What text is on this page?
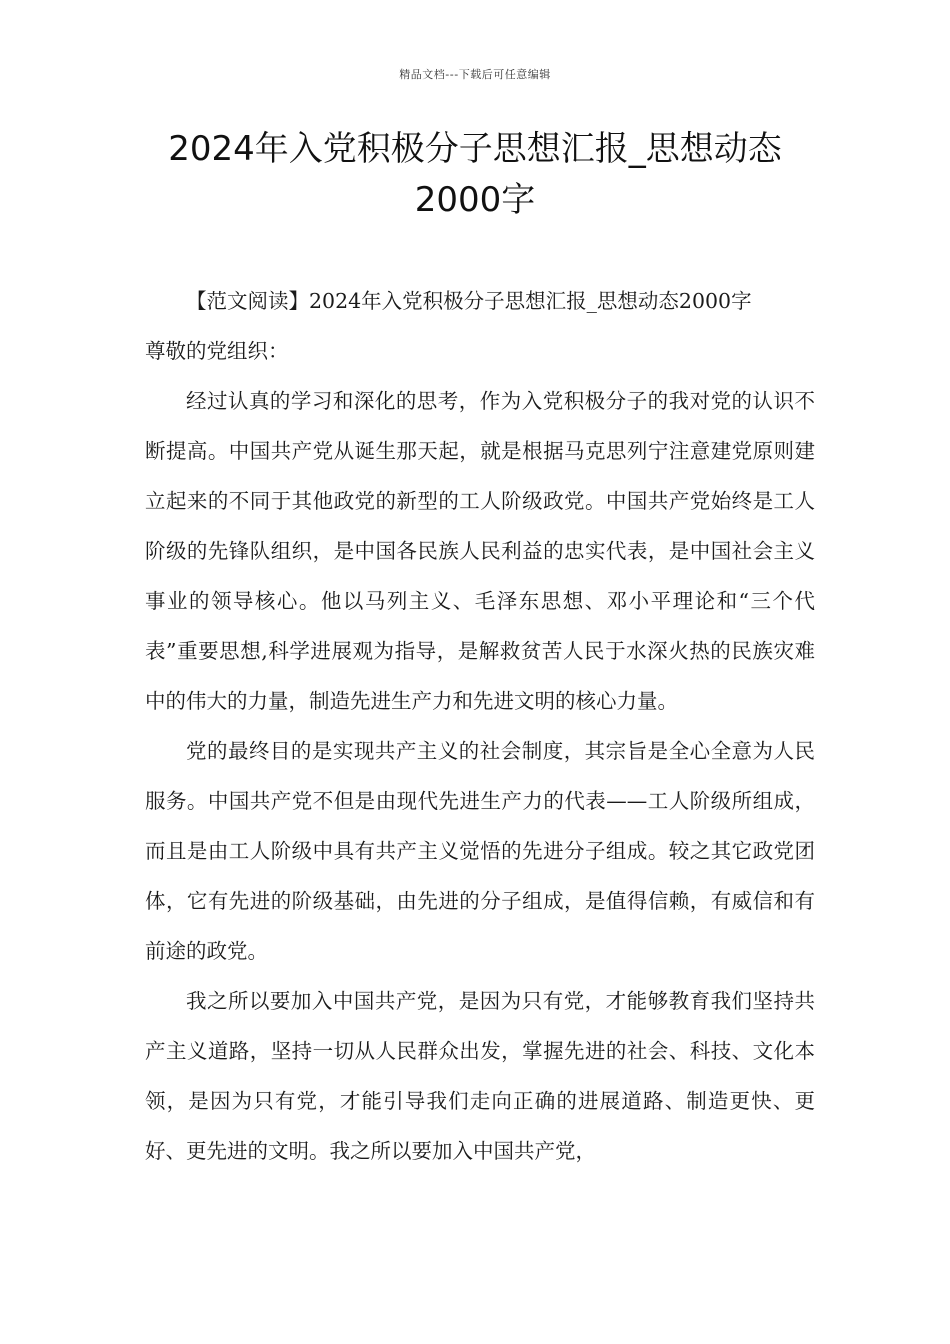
精品文档---下载后可任意编辑
2024年入党积极分子思想汇报_思想动态2000字

【范文阅读】2024年入党积极分子思想汇报_思想动态2000字

尊敬的党组织：

经过认真的学习和深化的思考，作为入党积极分子的我对党的认识不断提高。中国共产党从诞生那天起，就是根据马克思列宁注意建党原则建立起来的不同于其他政党的新型的工人阶级政党。中国共产党始终是工人阶级的先锋队组织，是中国各民族人民利益的忠实代表，是中国社会主义事业的领导核心。他以马列主义、毛泽东思想、邓小平理论和“三个代表”重要思想,科学进展观为指导，是解救贫苦人民于水深火热的民族灾难中的伟大的力量，制造先进生产力和先进文明的核心力量。

党的最终目的是实现共产主义的社会制度，其宗旨是全心全意为人民服务。中国共产党不但是由现代先进生产力的代表——工人阶级所组成，而且是由工人阶级中具有共产主义觉悟的先进分子组成。较之其它政党团体，它有先进的阶级基础，由先进的分子组成，是值得信赖，有威信和有前途的政党。

我之所以要加入中国共产党，是因为只有党，才能够教育我们坚持共产主义道路，坚持一切从人民群众出发，掌握先进的社会、科技、文化本领，是因为只有党，才能引导我们走向正确的进展道路、制造更快、更好、更先进的文明。我之所以要加入中国共产党，
